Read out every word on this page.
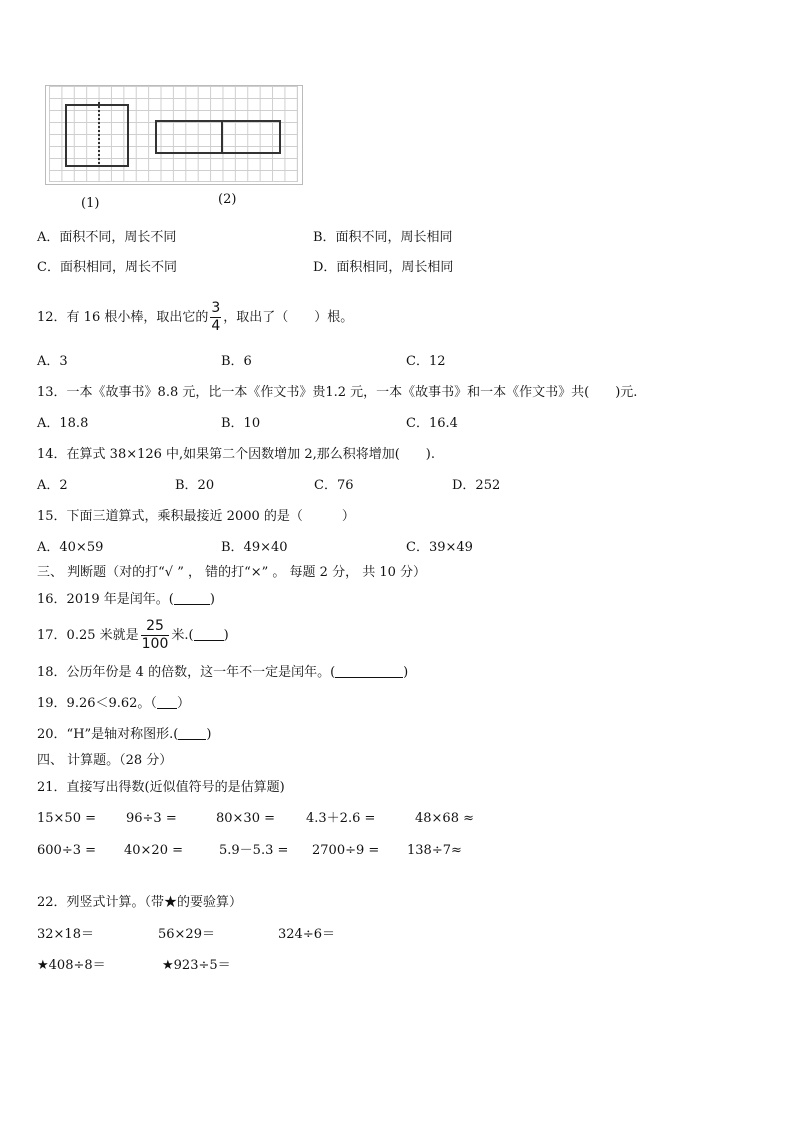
(1)	(2)
A．面积不同，周长不同	B．面积不同，周长相同
C．面积相同，周长不同	D．面积相同，周长相同
12．有 16 根小棒，取出它的 $\frac{3}{4}$ ，取出了（　　）根。
A．3	B．6	C．12
13．一本《故事书》8.8 元，比一本《作文书》贵1.2 元，一本《故事书》和一本《作文书》共(　　)元.
A．18.8	B．10	C．16.4
14．在算式 38×126 中,如果第二个因数增加 2,那么积将增加(　　).
A．2	B．20	C．76	D．252
15．下面三道算式，乘积最接近 2000 的是（　　　）
A．40×59	B．49×40	C．39×49
三、 判断题（对的打“√ ” ， 错的打“×” 。 每题 2 分， 共 10 分）
16．2019 年是闰年。(	)
17．0.25 米就是 $\frac{25}{100}$ 米.( )
18．公历年份是 4 的倍数，这一年不一定是闰年。(	)
19．9.26＜9.62。（ ）
20．“H”是轴对称图形.( )
四、 计算题。（28 分）
21．直接写出得数(近似值符号的是估算题)
15×50 = 96÷3 =	80×30 = 4.3＋2.6 =	48×68 ≈
600÷3 = 40×20 =	5.9－5.3 = 2700÷9 = 138÷7≈
22．列竖式计算。（带★的要验算）
32×18＝	56×29＝	324÷6＝
★408÷8＝	★923÷5＝
